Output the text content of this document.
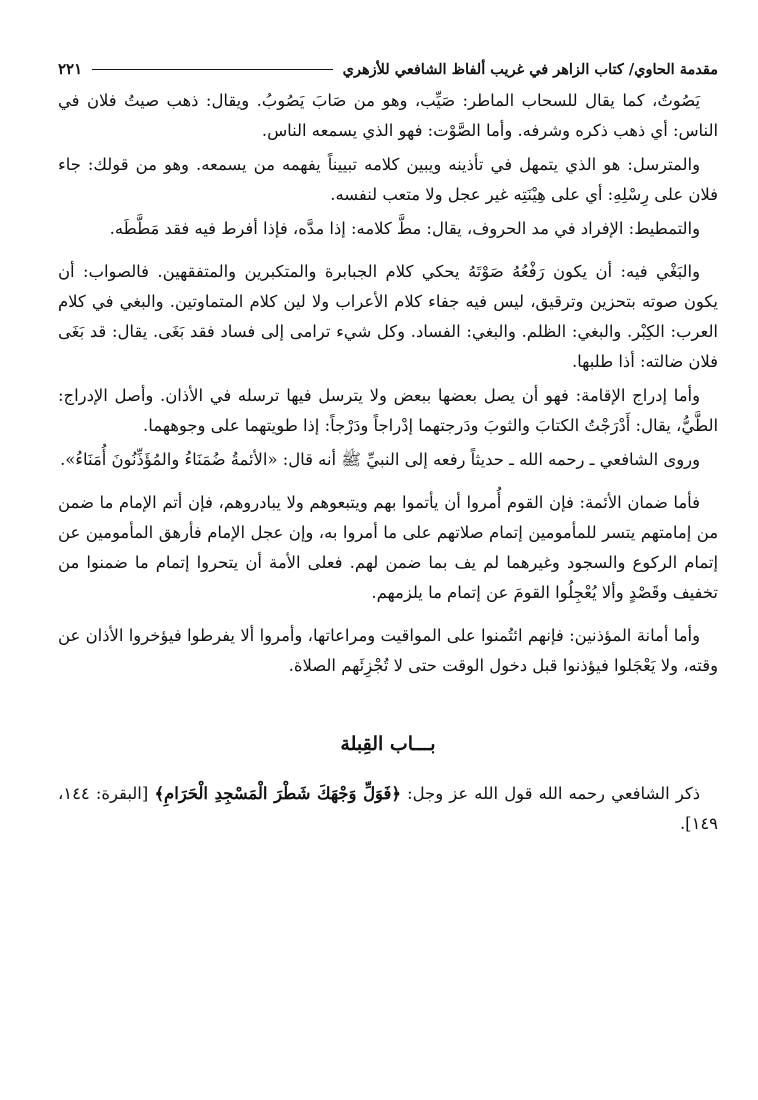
مقدمة الحاوي/ كتاب الزاهر في غريب ألفاظ الشافعي للأزهري
٢٢١

يَصُوتُ، كما يقال للسحاب الماطر: صَيِّب، وهو من صَابَ يَصُوبُ. ويقال: ذهب صيتُ فلان في الناس: أي ذهب ذكره وشرفه. وأما الصَّوْت: فهو الذي يسمعه الناس.

والمترسل: هو الذي يتمهل في تأذينه ويبين كلامه تبييناً يفهمه من يسمعه. وهو من قولك: جاء فلان على رِسْلِهِ: أي على هِيْنَتِه غير عجل ولا متعب لنفسه.

والتمطيط: الإفراد في مد الحروف، يقال: مطَّ كلامه: إذا مدَّه، فإذا أفرط فيه فقد مَطَّطَه.

والبَغْي فيه: أن يكون رَفْعُهُ صَوْتَهُ يحكي كلام الجبابرة والمتكبرين والمتفقهين. فالصواب: أن يكون صوته بتحزين وترقيق، ليس فيه جفاء كلام الأعراب ولا لين كلام المتماوتين. والبغي في كلام العرب: الكِبْر. والبغي: الظلم. والبغي: الفساد. وكل شيء ترامى إلى فساد فقد بَغَى. يقال: قد بَغَى فلان ضالته: أذا طلبها.

وأما إدراج الإقامة: فهو أن يصل بعضها ببعض ولا يترسل فيها ترسله في الأذان. وأصل الإدراج: الطَّيُّ، يقال: أَدْرَجْتُ الكتابَ والثوبَ ودَرجتهما إدْراجاً ودَرْجاً: إذا طويتهما على وجوههما.

وروى الشافعي ـ رحمه الله ـ حديثاً رفعه إلى النبيِّ ﷺ أنه قال: «الأئمةُ ضُمَنَاءُ والمُؤَذِّنُونَ أُمَنَاءُ».

فأما ضمان الأئمة: فإن القوم أُمروا أن يأتموا بهم ويتبعوهم ولا يبادروهم، فإن أتم الإمام ما ضمن من إمامتهم يتسر للمأمومين إتمام صلاتهم على ما أمروا به، وإن عجل الإمام فأرهق المأمومين عن إتمام الركوع والسجود وغيرهما لم يف بما ضمن لهم. فعلى الأمة أن يتحروا إتمام ما ضمنوا من تخفيف وقَصْدٍ وألا يُعْجِلُوا القومَ عن إتمام ما يلزمهم.

وأما أمانة المؤذنين: فإنهم ائتُمنوا على المواقيت ومراعاتها، وأمروا ألا يفرطوا فيؤخروا الأذان عن وقته، ولا يَعْجَلوا فيؤذنوا قبل دخول الوقت حتى لا تُجْزِئَهم الصلاة.

بـــاب القِبلة

ذكر الشافعي رحمه الله قول الله عز وجل: ﴿فَوَلِّ وَجْهَكَ شَطْرَ الْمَسْجِدِ الْحَرَامِ﴾ [البقرة: ١٤٤، ١٤٩].
